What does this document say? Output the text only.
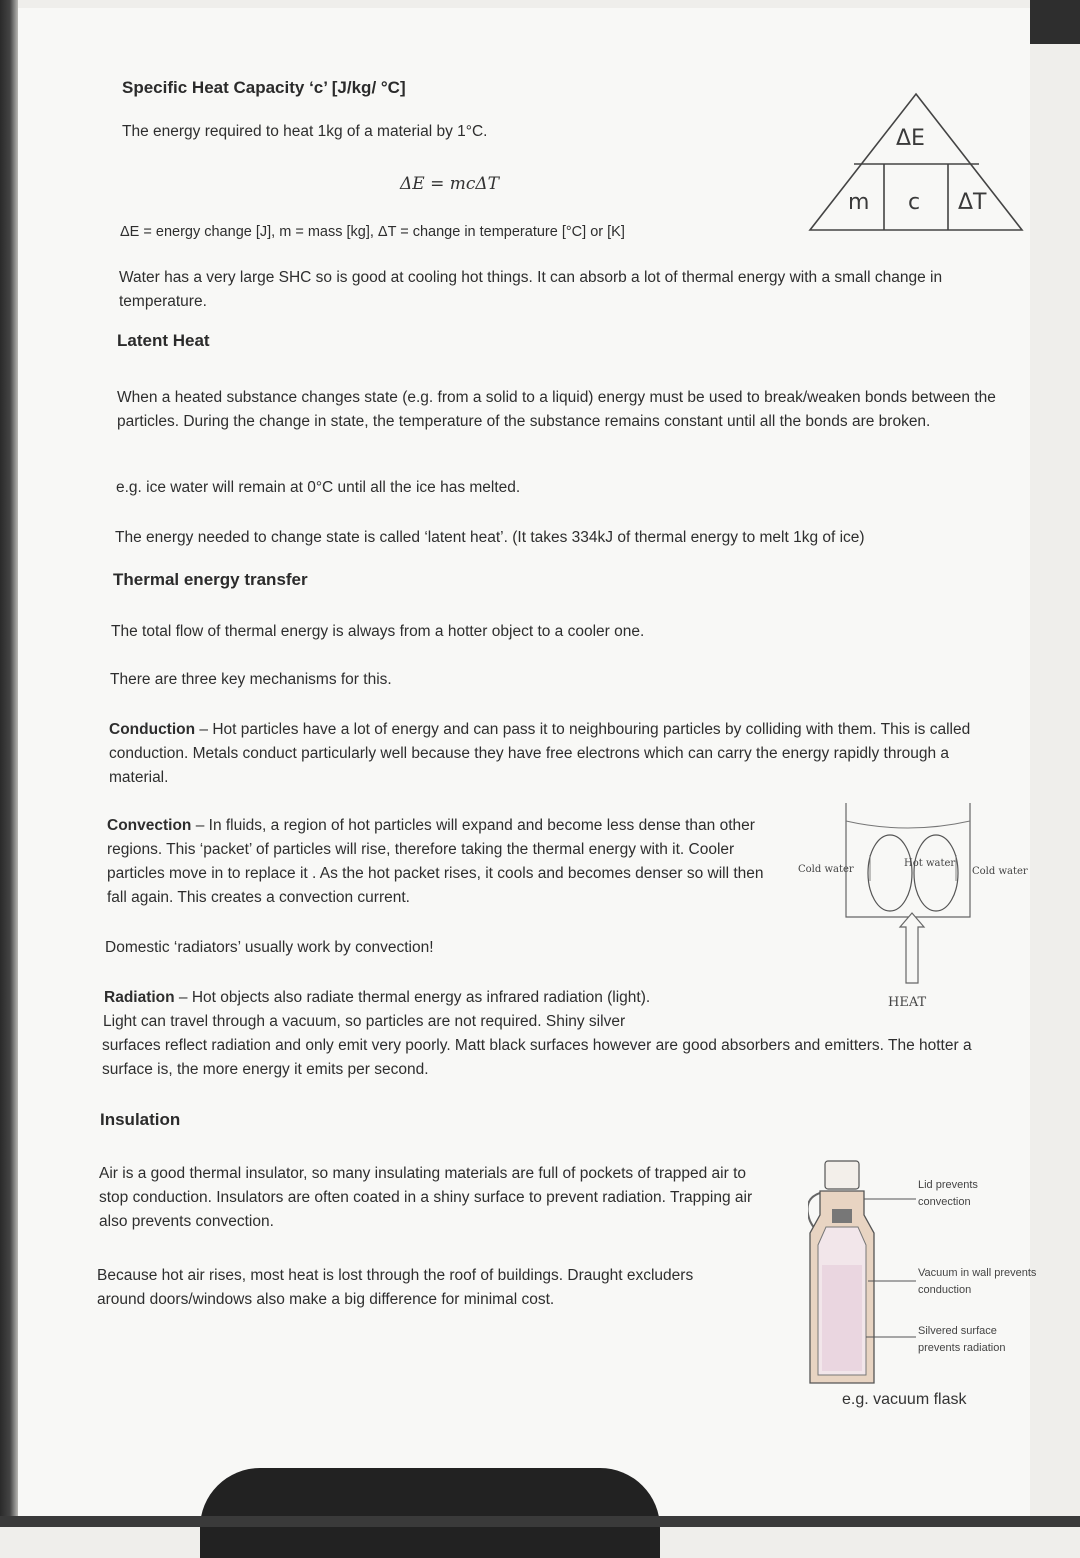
Specific Heat Capacity ‘c’ [J/kg/ °C]
The energy required to heat 1kg of a material by 1°C.
ΔE = mcΔT
ΔE = energy change [J], m = mass [kg], ΔT = change in temperature [°C] or [K]
Water has a very large SHC so is good at cooling hot things. It can absorb a lot of thermal energy with a small change in temperature.
Latent Heat
When a heated substance changes state (e.g. from a solid to a liquid) energy must be used to break/weaken bonds between the particles. During the change in state, the temperature of the substance remains constant until all the bonds are broken.
e.g. ice water will remain at 0°C until all the ice has melted.
The energy needed to change state is called ‘latent heat’. (It takes 334kJ of thermal energy to melt 1kg of ice)
Thermal energy transfer
The total flow of thermal energy is always from a hotter object to a cooler one.
There are three key mechanisms for this.
Conduction – Hot particles have a lot of energy and can pass it to neighbouring particles by colliding with them. This is called conduction. Metals conduct particularly well because they have free electrons which can carry the energy rapidly through a material.
Convection – In fluids, a region of hot particles will expand and become less dense than other regions. This ‘packet’ of particles will rise, therefore taking the thermal energy with it. Cooler particles move in to replace it . As the hot packet rises, it cools and becomes denser so will then fall again. This creates a convection current.
Domestic ‘radiators’ usually work by convection!
Radiation – Hot objects also radiate thermal energy as infrared radiation (light).
Light can travel through a vacuum, so particles are not required. Shiny silver
surfaces reflect radiation and only emit very poorly. Matt black surfaces however are good absorbers and emitters. The hotter a surface is, the more energy it emits per second.
Insulation
Air is a good thermal insulator, so many insulating materials are full of pockets of trapped air to stop conduction. Insulators are often coated in a shiny surface to prevent radiation. Trapping air also prevents convection.
Because hot air rises, most heat is lost through the roof of buildings. Draught excluders around doors/windows also make a big difference for minimal cost.
ΔE
m c ΔT
Cold water
Hot water
Cold water
HEAT
Lid prevents convection
Vacuum in wall prevents conduction
Silvered surface prevents radiation
e.g. vacuum flask
